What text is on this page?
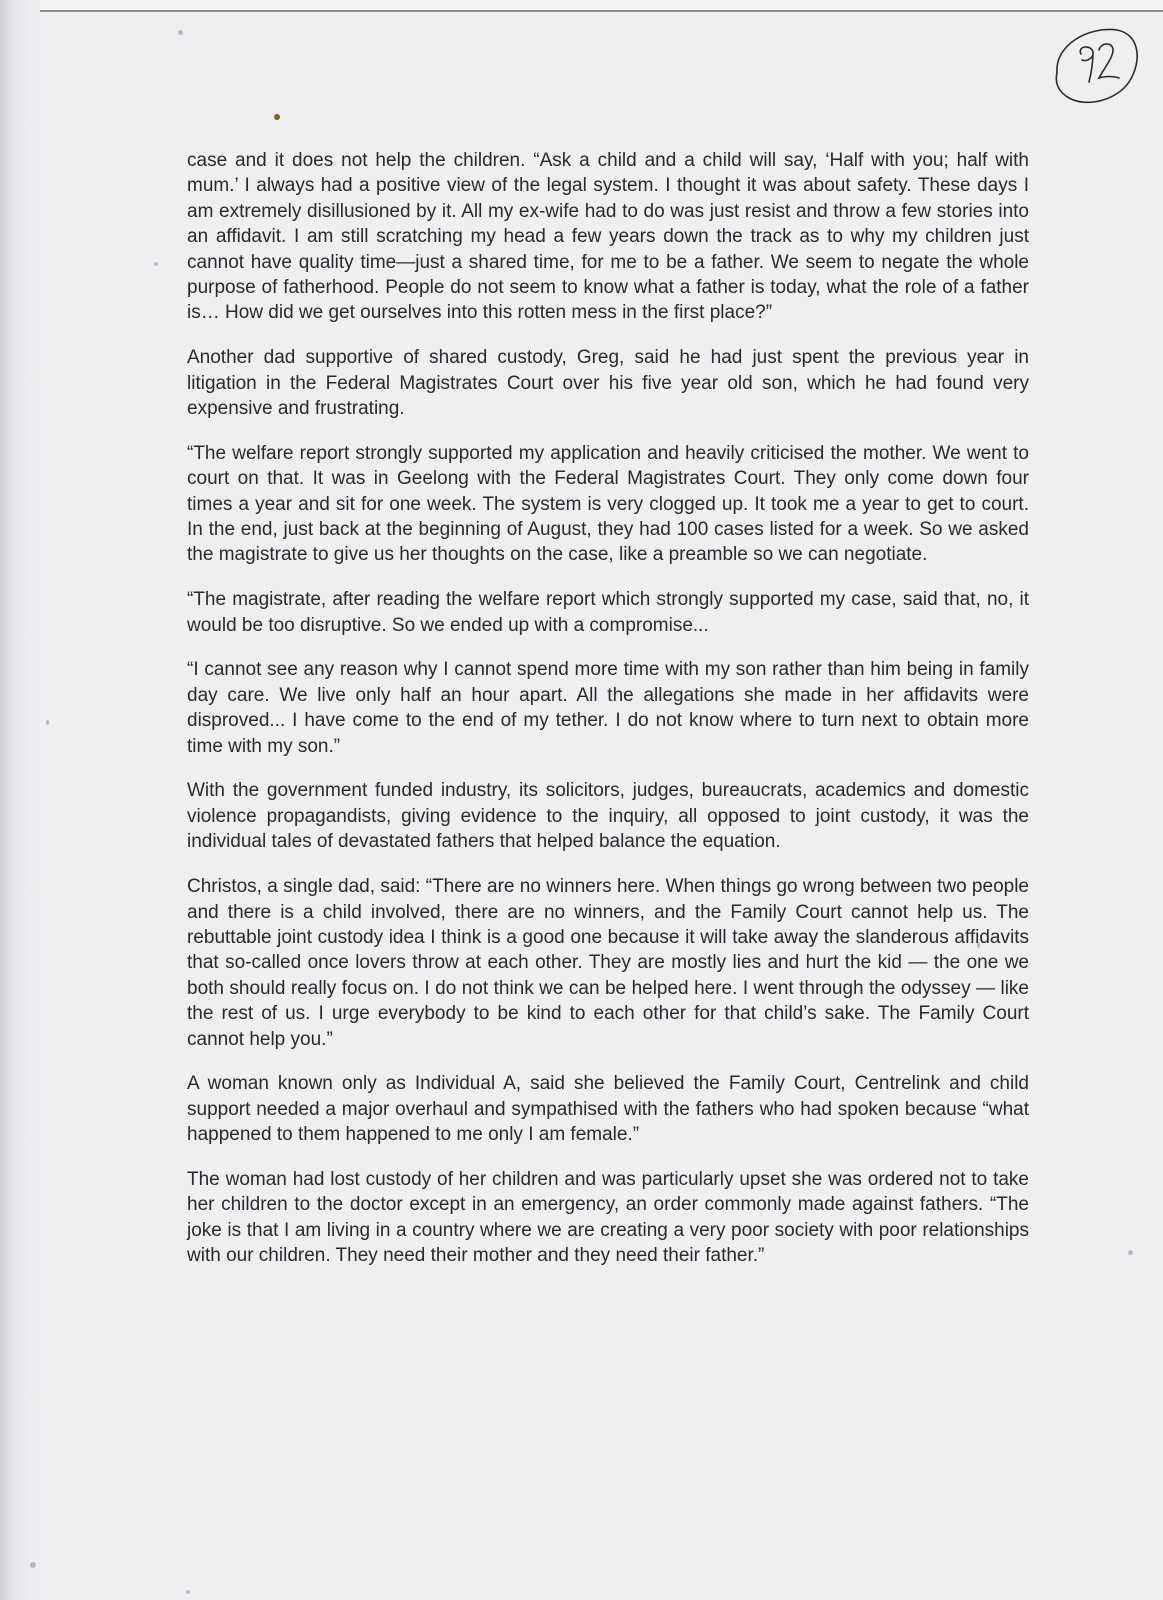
case and it does not help the children. “Ask a child and a child will say, ‘Half with you; half with mum.’ I always had a positive view of the legal system. I thought it was about safety. These days I am extremely disillusioned by it. All my ex-wife had to do was just resist and throw a few stories into an affidavit. I am still scratching my head a few years down the track as to why my children just cannot have quality time—just a shared time, for me to be a father. We seem to negate the whole purpose of fatherhood. People do not seem to know what a father is today, what the role of a father is… How did we get ourselves into this rotten mess in the first place?”

Another dad supportive of shared custody, Greg, said he had just spent the previous year in litigation in the Federal Magistrates Court over his five year old son, which he had found very expensive and frustrating.

“The welfare report strongly supported my application and heavily criticised the mother. We went to court on that. It was in Geelong with the Federal Magistrates Court. They only come down four times a year and sit for one week. The system is very clogged up. It took me a year to get to court. In the end, just back at the beginning of August, they had 100 cases listed for a week. So we asked the magistrate to give us her thoughts on the case, like a preamble so we can negotiate.

“The magistrate, after reading the welfare report which strongly supported my case, said that, no, it would be too disruptive. So we ended up with a compromise...

“I cannot see any reason why I cannot spend more time with my son rather than him being in family day care. We live only half an hour apart. All the allegations she made in her affidavits were disproved... I have come to the end of my tether. I do not know where to turn next to obtain more time with my son.”

With the government funded industry, its solicitors, judges, bureaucrats, academics and domestic violence propagandists, giving evidence to the inquiry, all opposed to joint custody, it was the individual tales of devastated fathers that helped balance the equation.

Christos, a single dad, said: “There are no winners here. When things go wrong between two people and there is a child involved, there are no winners, and the Family Court cannot help us. The rebuttable joint custody idea I think is a good one because it will take away the slanderous affidavits that so-called once lovers throw at each other. They are mostly lies and hurt the kid — the one we both should really focus on. I do not think we can be helped here. I went through the odyssey — like the rest of us. I urge everybody to be kind to each other for that child’s sake. The Family Court cannot help you.”

A woman known only as Individual A, said she believed the Family Court, Centrelink and child support needed a major overhaul and sympathised with the fathers who had spoken because “what happened to them happened to me only I am female.”

The woman had lost custody of her children and was particularly upset she was ordered not to take her children to the doctor except in an emergency, an order commonly made against fathers. “The joke is that I am living in a country where we are creating a very poor society with poor relationships with our children. They need their mother and they need their father.”
